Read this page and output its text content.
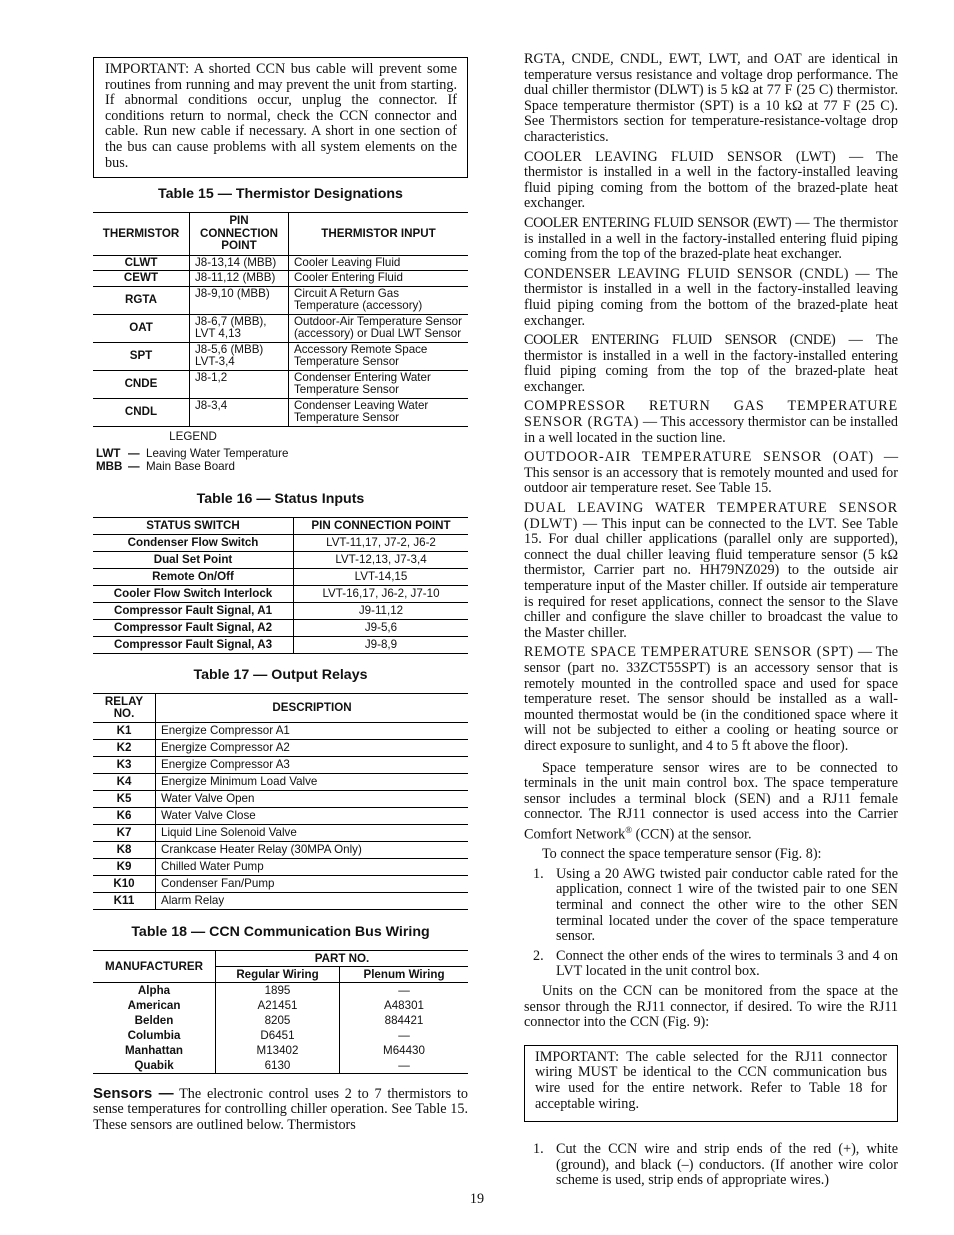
IMPORTANT: A shorted CCN bus cable will prevent some routines from running and may prevent the unit from starting. If abnormal conditions occur, unplug the connector. If conditions return to normal, check the CCN connector and cable. Run new cable if necessary. A short in one section of the bus can cause problems with all system elements on the bus.
Table 15 — Thermistor Designations
THERMISTOR	PIN CONNECTION POINT	THERMISTOR INPUT
CLWT	J8-13,14 (MBB)	Cooler Leaving Fluid
CEWT	J8-11,12 (MBB)	Cooler Entering Fluid
RGTA	J8-9,10 (MBB)	Circuit A Return Gas Temperature (accessory)
OAT	J8-6,7 (MBB), LVT 4,13	Outdoor-Air Temperature Sensor (accessory) or Dual LWT Sensor
SPT	J8-5,6 (MBB) LVT-3,4	Accessory Remote Space Temperature Sensor
CNDE	J8-1,2	Condenser Entering Water Temperature Sensor
CNDL	J8-3,4	Condenser Leaving Water Temperature Sensor
LEGEND
LWT — Leaving Water Temperature
MBB — Main Base Board
Table 16 — Status Inputs
STATUS SWITCH	PIN CONNECTION POINT
Condenser Flow Switch	LVT-11,17, J7-2, J6-2
Dual Set Point	LVT-12,13, J7-3,4
Remote On/Off	LVT-14,15
Cooler Flow Switch Interlock	LVT-16,17, J6-2, J7-10
Compressor Fault Signal, A1	J9-11,12
Compressor Fault Signal, A2	J9-5,6
Compressor Fault Signal, A3	J9-8,9
Table 17 — Output Relays
RELAY NO.	DESCRIPTION
K1	Energize Compressor A1
K2	Energize Compressor A2
K3	Energize Compressor A3
K4	Energize Minimum Load Valve
K5	Water Valve Open
K6	Water Valve Close
K7	Liquid Line Solenoid Valve
K8	Crankcase Heater Relay (30MPA Only)
K9	Chilled Water Pump
K10	Condenser Fan/Pump
K11	Alarm Relay
Table 18 — CCN Communication Bus Wiring
MANUFACTURER	PART NO.	
	Regular Wiring	Plenum Wiring
Alpha	1895	—
American	A21451	A48301
Belden	8205	884421
Columbia	D6451	—
Manhattan	M13402	M64430
Quabik	6130	—

Sensors — The electronic control uses 2 to 7 thermistors to sense temperatures for controlling chiller operation. See Table 15. These sensors are outlined below. Thermistors

RGTA, CNDE, CNDL, EWT, LWT, and OAT are identical in temperature versus resistance and voltage drop performance. The dual chiller thermistor (DLWT) is 5 kΩ at 77 F (25 C) thermistor. Space temperature thermistor (SPT) is a 10 kΩ at 77 F (25 C). See Thermistors section for temperature-resistance-voltage drop characteristics.

COOLER LEAVING FLUID SENSOR (LWT) — The thermistor is installed in a well in the factory-installed leaving fluid piping coming from the bottom of the brazed-plate heat exchanger.

COOLER ENTERING FLUID SENSOR (EWT) — The thermistor is installed in a well in the factory-installed entering fluid piping coming from the top of the brazed-plate heat exchanger.

CONDENSER LEAVING FLUID SENSOR (CNDL) — The thermistor is installed in a well in the factory-installed leaving fluid piping coming from the bottom of the brazed-plate heat exchanger.

COOLER ENTERING FLUID SENSOR (CNDE) — The thermistor is installed in a well in the factory-installed entering fluid piping coming from the top of the brazed-plate heat exchanger.

COMPRESSOR RETURN GAS TEMPERATURE SENSOR (RGTA) — This accessory thermistor can be installed in a well located in the suction line.

OUTDOOR-AIR TEMPERATURE SENSOR (OAT) — This sensor is an accessory that is remotely mounted and used for outdoor air temperature reset. See Table 15.

DUAL LEAVING WATER TEMPERATURE SENSOR (DLWT) — This input can be connected to the LVT. See Table 15. For dual chiller applications (parallel only are supported), connect the dual chiller leaving fluid temperature sensor (5 kΩ thermistor, Carrier part no. HH79NZ029) to the outside air temperature input of the Master chiller. If outside air temperature is required for reset applications, connect the sensor to the Slave chiller and configure the slave chiller to broadcast the value to the Master chiller.

REMOTE SPACE TEMPERATURE SENSOR (SPT) — The sensor (part no. 33ZCT55SPT) is an accessory sensor that is remotely mounted in the controlled space and used for space temperature reset. The sensor should be installed as a wall-mounted thermostat would be (in the conditioned space where it will not be subjected to either a cooling or heating source or direct exposure to sunlight, and 4 to 5 ft above the floor).

Space temperature sensor wires are to be connected to terminals in the unit main control box. The space temperature sensor includes a terminal block (SEN) and a RJ11 female connector. The RJ11 connector is used access into the Carrier Comfort Network® (CCN) at the sensor.

To connect the space temperature sensor (Fig. 8):

1. Using a 20 AWG twisted pair conductor cable rated for the application, connect 1 wire of the twisted pair to one SEN terminal and connect the other wire to the other SEN terminal located under the cover of the space temperature sensor.
2. Connect the other ends of the wires to terminals 3 and 4 on LVT located in the unit control box.

Units on the CCN can be monitored from the space at the sensor through the RJ11 connector, if desired. To wire the RJ11 connector into the CCN (Fig. 9):

IMPORTANT: The cable selected for the RJ11 connector wiring MUST be identical to the CCN communication bus wire used for the entire network. Refer to Table 18 for acceptable wiring.
1. Cut the CCN wire and strip ends of the red (+), white (ground), and black (–) conductors. (If another wire color scheme is used, strip ends of appropriate wires.)
19
